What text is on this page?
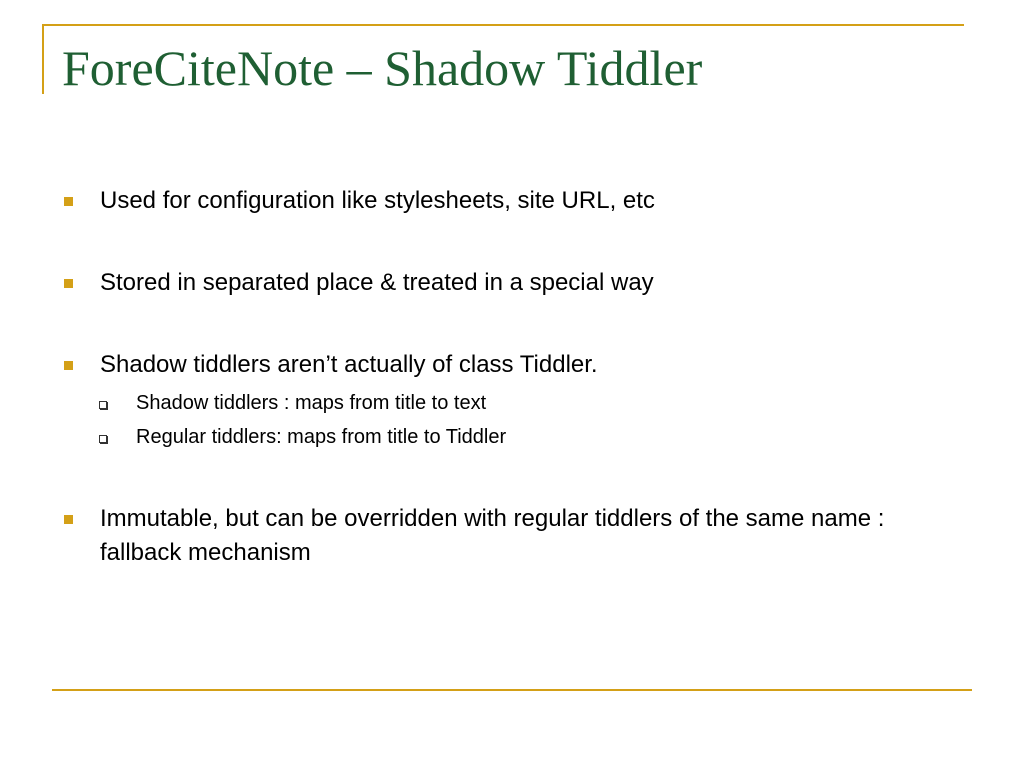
ForeCiteNote – Shadow Tiddler
Used for configuration like stylesheets, site URL, etc
Stored in separated place & treated in a special way
Shadow tiddlers aren’t actually of class Tiddler.
Shadow tiddlers : maps from title to text
Regular tiddlers: maps from title to Tiddler
Immutable, but can be overridden with regular tiddlers of the same name : fallback mechanism
